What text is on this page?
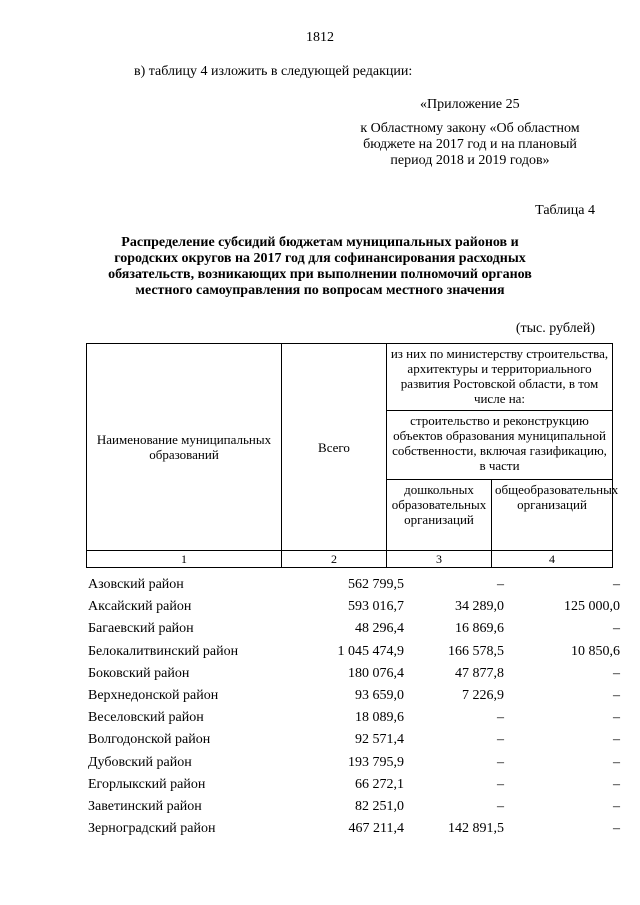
1812
в) таблицу 4 изложить в следующей редакции:
«Приложение 25
к Областному закону «Об областном
бюджете на 2017 год и на плановый
период 2018 и 2019 годов»
Таблица 4
Распределение субсидий бюджетам муниципальных районов и
городских округов на 2017 год для софинансирования расходных
обязательств, возникающих при выполнении полномочий органов
местного самоуправления по вопросам местного значения
(тыс. рублей)
Наименование муниципальных образований	Всего	из них по министерству строительства, архитектуры и территориального развития Ростовской области, в том числе на:	
		строительство и реконструкцию объектов образования муниципальной собственности, включая газификацию, в части	
		дошкольных образовательных организаций	общеобразовательных организаций
1	2	3	4
Азовский район	562 799,5	–	–
Аксайский район	593 016,7	34 289,0	125 000,0
Багаевский район	48 296,4	16 869,6	–
Белокалитвинский район	1 045 474,9	166 578,5	10 850,6
Боковский район	180 076,4	47 877,8	–
Верхнедонской район	93 659,0	7 226,9	–
Веселовский район	18 089,6	–	–
Волгодонской район	92 571,4	–	–
Дубовский район	193 795,9	–	–
Егорлыкский район	66 272,1	–	–
Заветинский район	82 251,0	–	–
Зерноградский район	467 211,4	142 891,5	–
